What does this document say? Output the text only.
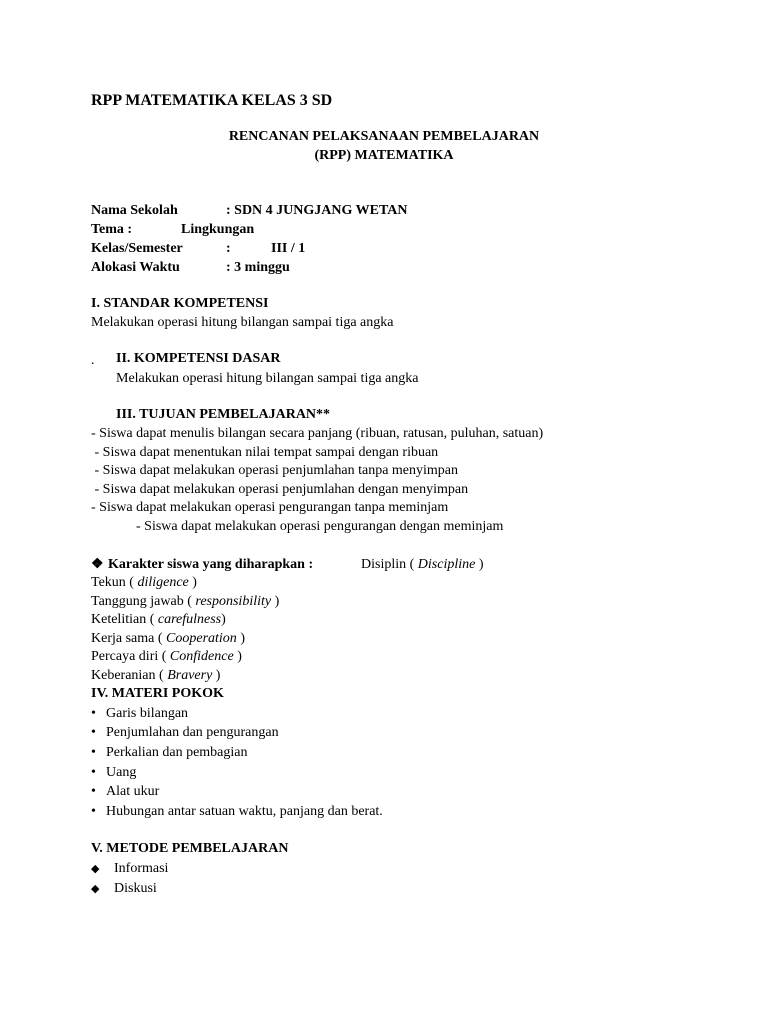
RPP MATEMATIKA KELAS 3 SD
RENCANAN PELAKSANAAN PEMBELAJARAN
(RPP) MATEMATIKA
Nama Sekolah	: SDN 4 JUNGJANG WETAN
Tema :	Lingkungan
Kelas/Semester	:	III / 1
Alokasi Waktu	: 3 minggu
I. STANDAR KOMPETENSI
Melakukan operasi hitung bilangan sampai tiga angka
. II. KOMPETENSI DASAR
Melakukan operasi hitung bilangan sampai tiga angka
III. TUJUAN PEMBELAJARAN**
- Siswa dapat menulis bilangan secara panjang (ribuan, ratusan, puluhan, satuan)
- Siswa dapat menentukan nilai tempat sampai dengan ribuan
- Siswa dapat melakukan operasi penjumlahan tanpa menyimpan
- Siswa dapat melakukan operasi penjumlahan dengan menyimpan
- Siswa dapat melakukan operasi pengurangan tanpa meminjam
- Siswa dapat melakukan operasi pengurangan dengan meminjam
❖ Karakter siswa yang diharapkan :	Disiplin ( Discipline )
Tekun ( diligence )
Tanggung jawab ( responsibility )
Ketelitian ( carefulness)
Kerja sama ( Cooperation )
Percaya diri ( Confidence )
Keberanian ( Bravery )
IV. MATERI POKOK
• Garis bilangan
• Penjumlahan dan pengurangan
• Perkalian dan pembagian
• Uang
• Alat ukur
• Hubungan antar satuan waktu, panjang dan berat.
V. METODE PEMBELAJARAN
◆ Informasi
◆ Diskusi
